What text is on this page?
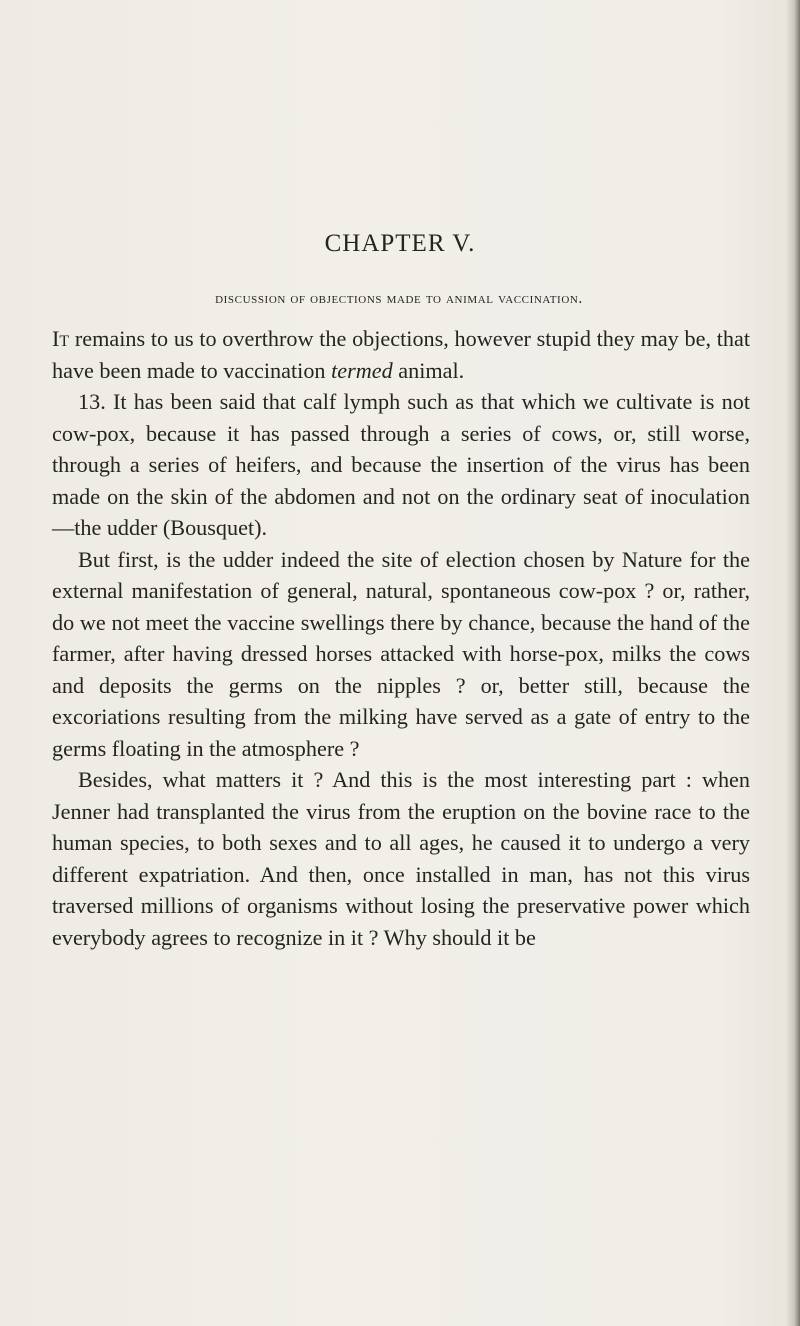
CHAPTER V.
discussion of objections made to animal vaccination.

It remains to us to overthrow the objections, however stupid they may be, that have been made to vaccination termed animal.

13. It has been said that calf lymph such as that which we cultivate is not cow-pox, because it has passed through a series of cows, or, still worse, through a series of heifers, and because the insertion of the virus has been made on the skin of the abdomen and not on the ordinary seat of inoculation—the udder (Bousquet).

But first, is the udder indeed the site of election chosen by Nature for the external manifestation of general, natural, spontaneous cow-pox ? or, rather, do we not meet the vaccine swellings there by chance, because the hand of the farmer, after having dressed horses attacked with horse-pox, milks the cows and deposits the germs on the nipples ? or, better still, because the excoriations resulting from the milking have served as a gate of entry to the germs floating in the atmosphere ?

Besides, what matters it ? And this is the most interesting part : when Jenner had transplanted the virus from the eruption on the bovine race to the human species, to both sexes and to all ages, he caused it to undergo a very different expatriation. And then, once installed in man, has not this virus traversed millions of organisms without losing the preservative power which everybody agrees to recognize in it ? Why should it be
